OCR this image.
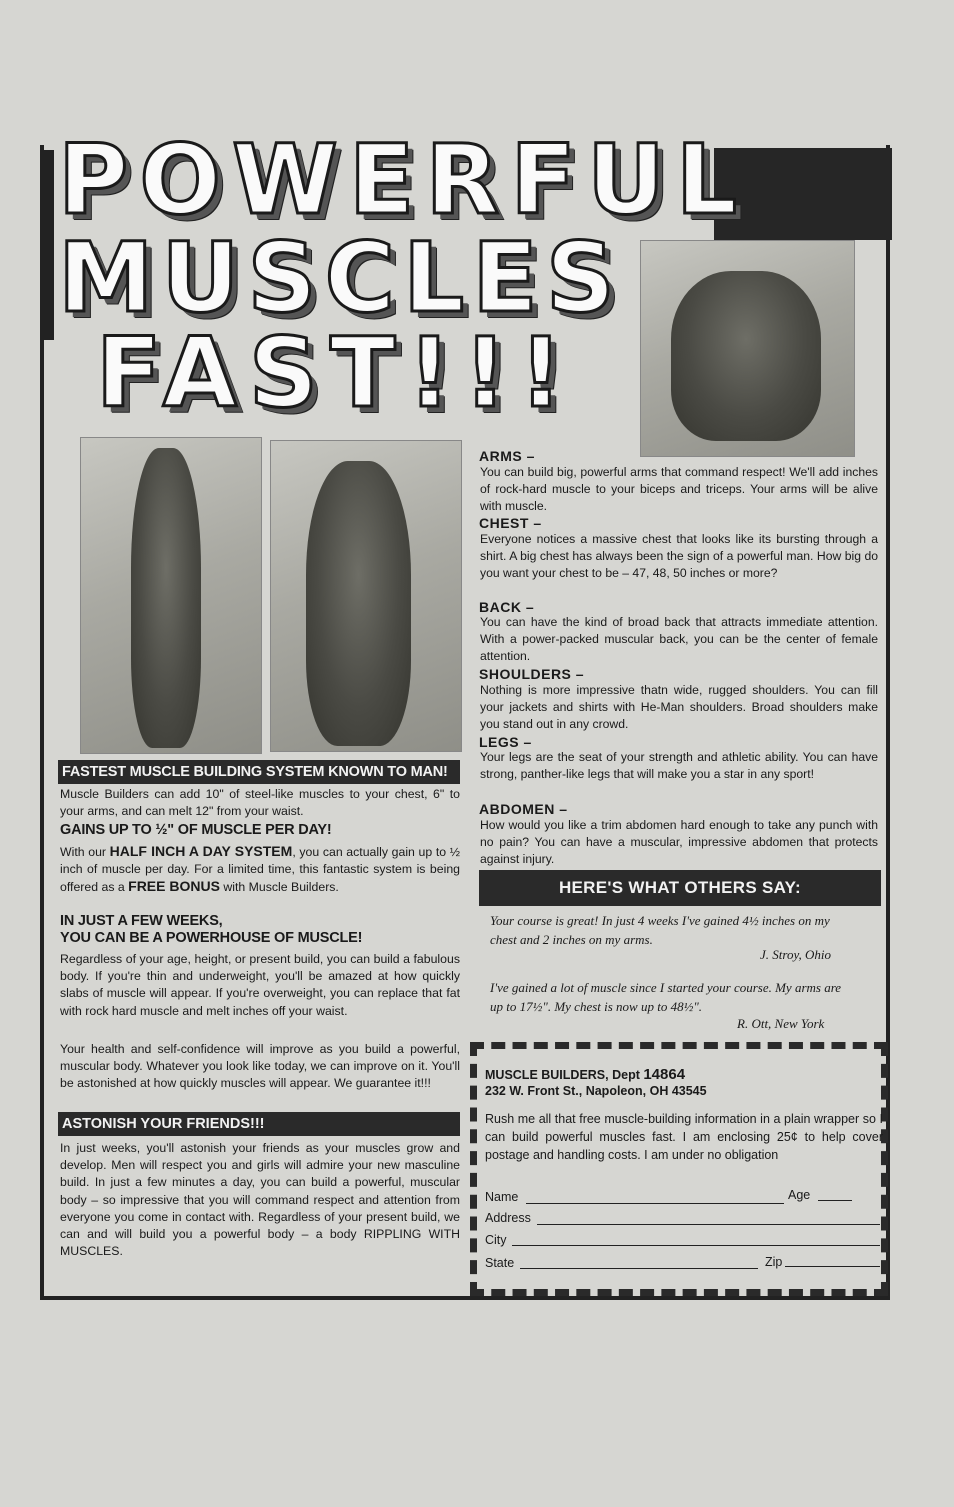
POWERFUL
MUSCLES
FAST!!!
ARMS –
You can build big, powerful arms that command respect! We'll add inches of rock-hard muscle to your biceps and triceps. Your arms will be alive with muscle.
CHEST –
Everyone notices a massive chest that looks like its bursting through a shirt. A big chest has always been the sign of a powerful man. How big do you want your chest to be – 47, 48, 50 inches or more?
BACK –
You can have the kind of broad back that attracts immediate attention. With a power-packed muscular back, you can be the center of female attention.
SHOULDERS –
Nothing is more impressive thatn wide, rugged shoulders. You can fill your jackets and shirts with He-Man shoulders. Broad shoulders make you stand out in any crowd.
LEGS –
Your legs are the seat of your strength and athletic ability. You can have strong, panther-like legs that will make you a star in any sport!
ABDOMEN –
How would you like a trim abdomen hard enough to take any punch with no pain? You can have a muscular, impressive abdomen that protects against injury.
HERE'S WHAT OTHERS SAY:
Your course is great! In just 4 weeks I've gained 4½ inches on my chest and 2 inches on my arms.
J. Stroy, Ohio
I've gained a lot of muscle since I started your course. My arms are up to 17½". My chest is now up to 48½".
R. Ott, New York
FASTEST MUSCLE BUILDING SYSTEM KNOWN TO MAN!
Muscle Builders can add 10" of steel-like muscles to your chest, 6" to your arms, and can melt 12" from your waist.
GAINS UP TO ½" OF MUSCLE PER DAY!
With our HALF INCH A DAY SYSTEM, you can actually gain up to ½ inch of muscle per day. For a limited time, this fantastic system is being offered as a FREE BONUS with Muscle Builders.
IN JUST A FEW WEEKS,
YOU CAN BE A POWERHOUSE OF MUSCLE!
Regardless of your age, height, or present build, you can build a fabulous body. If you're thin and underweight, you'll be amazed at how quickly slabs of muscle will appear. If you're overweight, you can replace that fat with rock hard muscle and melt inches off your waist.
Your health and self-confidence will improve as you build a powerful, muscular body. Whatever you look like today, we can improve on it. You'll be astonished at how quickly muscles will appear. We guarantee it!!!
ASTONISH YOUR FRIENDS!!!
In just weeks, you'll astonish your friends as your muscles grow and develop. Men will respect you and girls will admire your new masculine build. In just a few minutes a day, you can build a powerful, muscular body – so impressive that you will command respect and attention from everyone you come in contact with. Regardless of your present build, we can and will build you a powerful body – a body RIPPLING WITH MUSCLES.
MUSCLE BUILDERS, Dept 14864
232 W. Front St., Napoleon, OH 43545
Rush me all that free muscle-building information in a plain wrapper so I can build powerful muscles fast. I am enclosing 25¢ to help cover postage and handling costs. I am under no obligation
Name	Age
Address
City
State	Zip
